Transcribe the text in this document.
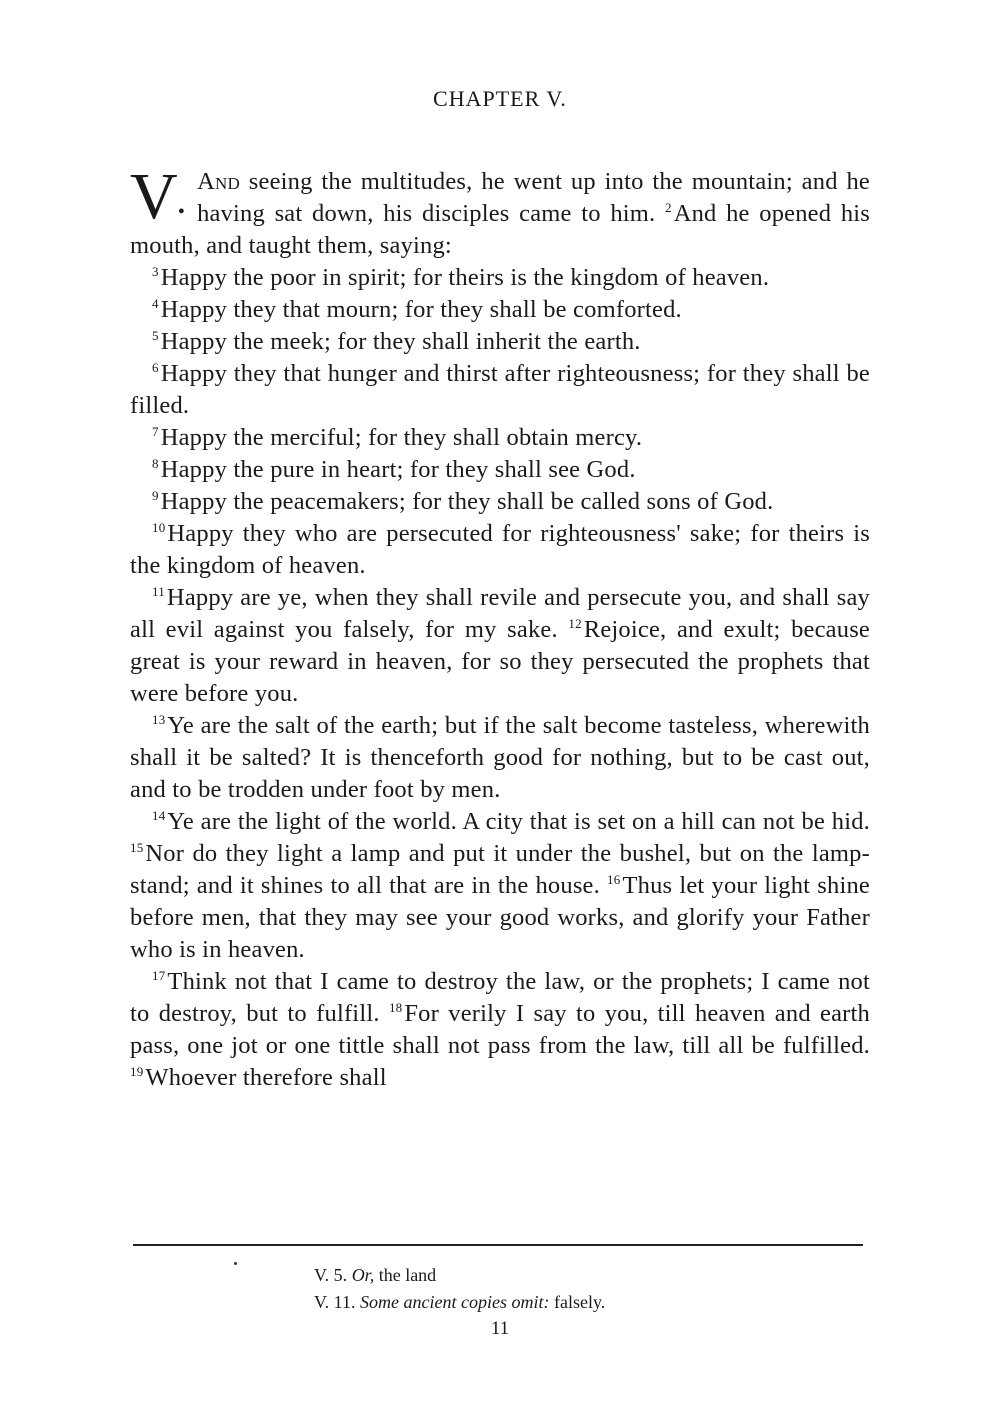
CHAPTER V.

V•
And seeing the multitudes, he went up into the mountain; and he having sat down, his disciples came to him. $^2$And he opened his mouth, and taught them, saying:

$^3$Happy the poor in spirit; for theirs is the kingdom of heaven.

$^4$Happy they that mourn; for they shall be comforted.

$^5$Happy the meek; for they shall inherit the earth.

$^6$Happy they that hunger and thirst after righteousness; for they shall be filled.

$^7$Happy the merciful; for they shall obtain mercy.

$^8$Happy the pure in heart; for they shall see God.

$^9$Happy the peacemakers; for they shall be called sons of God.

$^{10}$Happy they who are persecuted for righteousness' sake; for theirs is the kingdom of heaven.

$^{11}$Happy are ye, when they shall revile and persecute you, and shall say all evil against you falsely, for my sake. $^{12}$Rejoice, and exult; because great is your reward in heaven, for so they persecuted the prophets that were before you.

$^{13}$Ye are the salt of the earth; but if the salt become tasteless, wherewith shall it be salted? It is thenceforth good for nothing, but to be cast out, and to be trodden under foot by men.

$^{14}$Ye are the light of the world. A city that is set on a hill can not be hid. $^{15}$Nor do they light a lamp and put it under the bushel, but on the lamp-stand; and it shines to all that are in the house. $^{16}$Thus let your light shine before men, that they may see your good works, and glorify your Father who is in heaven.

$^{17}$Think not that I came to destroy the law, or the prophets; I came not to destroy, but to fulfill. $^{18}$For verily I say to you, till heaven and earth pass, one jot or one tittle shall not pass from the law, till all be fulfilled. $^{19}$Whoever therefore shall

V. 5. Or, the land
V. 11. Some ancient copies omit: falsely.
11
